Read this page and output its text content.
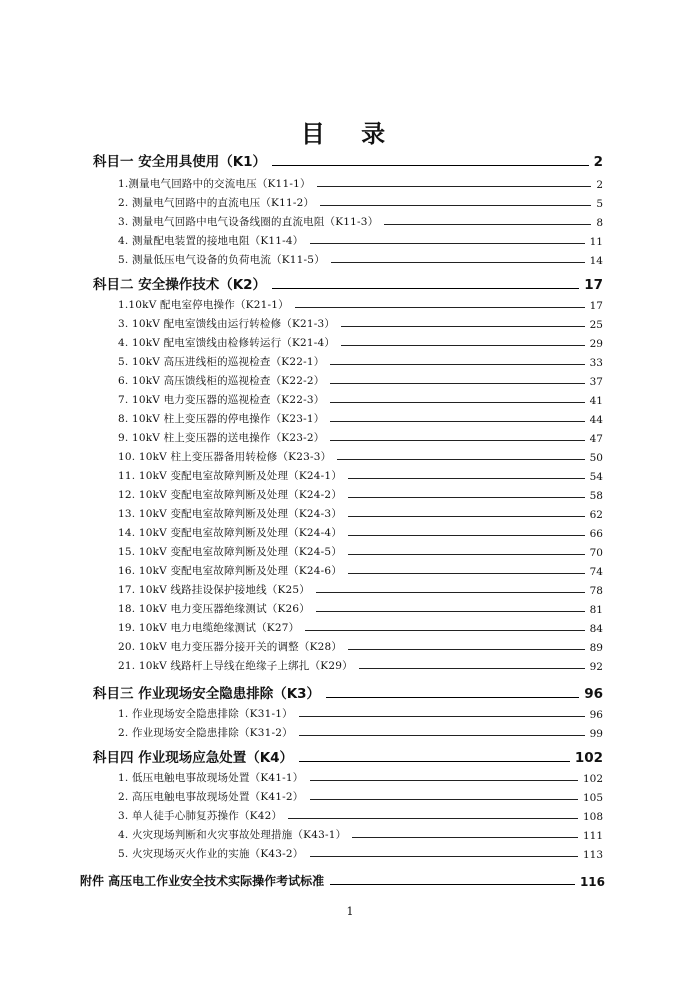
目 录
科目一 安全用具使用（K1）	2
1.测量电气回路中的交流电压（K11-1）	2
2. 测量电气回路中的直流电压（K11-2）	5
3. 测量电气回路中电气设备线圈的直流电阻（K11-3）	8
4. 测量配电装置的接地电阻（K11-4）	11
5. 测量低压电气设备的负荷电流（K11-5）	14
科目二 安全操作技术（K2）	17
1.10kV 配电室停电操作（K21-1）	17
3. 10kV 配电室馈线由运行转检修（K21-3）	25
4. 10kV 配电室馈线由检修转运行（K21-4）	29
5. 10kV 高压进线柜的巡视检查（K22-1）	33
6. 10kV 高压馈线柜的巡视检查（K22-2）	37
7. 10kV 电力变压器的巡视检查（K22-3）	41
8. 10kV 柱上变压器的停电操作（K23-1）	44
9. 10kV 柱上变压器的送电操作（K23-2）	47
10. 10kV 柱上变压器备用转检修（K23-3）	50
11. 10kV 变配电室故障判断及处理（K24-1）	54
12. 10kV 变配电室故障判断及处理（K24-2）	58
13. 10kV 变配电室故障判断及处理（K24-3）	62
14. 10kV 变配电室故障判断及处理（K24-4）	66
15. 10kV 变配电室故障判断及处理（K24-5）	70
16. 10kV 变配电室故障判断及处理（K24-6）	74
17. 10kV 线路挂设保护接地线（K25）	78
18. 10kV 电力变压器绝缘测试（K26）	81
19. 10kV 电力电缆绝缘测试（K27）	84
20. 10kV 电力变压器分接开关的调整（K28）	89
21. 10kV 线路杆上导线在绝缘子上绑扎（K29）	92
科目三 作业现场安全隐患排除（K3）	96
1. 作业现场安全隐患排除（K31-1）	96
2. 作业现场安全隐患排除（K31-2）	99
科目四 作业现场应急处置（K4）	102
1. 低压电触电事故现场处置（K41-1）	102
2. 高压电触电事故现场处置（K41-2）	105
3. 单人徒手心肺复苏操作（K42）	108
4. 火灾现场判断和火灾事故处理措施（K43-1）	111
5. 火灾现场灭火作业的实施（K43-2）	113
附件 高压电工作业安全技术实际操作考试标准	116
1
